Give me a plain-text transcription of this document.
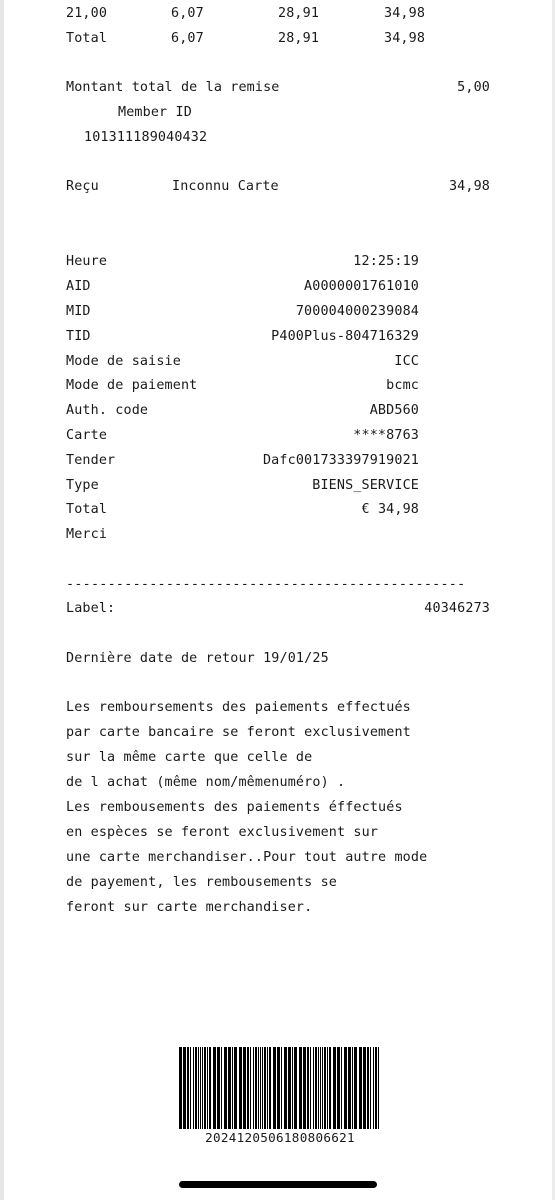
21,00	6,07	28,91	34,98
Total	6,07	28,91	34,98
Montant total de la remise	5,00
Member ID
101311189040432
Reçu	Inconnu Carte	34,98
Heure	12:25:19
AID	A0000001761010
MID	700004000239084
TID	P400Plus-804716329
Mode de saisie	ICC
Mode de paiement	bcmc
Auth. code	ABD560
Carte	****8763
Tender	Dafc001733397919021
Type	BIENS_SERVICE
Total	€ 34,98
Merci
------------------------------------------------
Label:	40346273
Dernière date de retour 19/01/25
Les remboursements des paiements effectués
par carte bancaire se feront exclusivement
sur la même carte que celle de
de l achat (même nom/mêmenuméro) .
Les rembousements des paiements éffectués
en espèces se feront exclusivement sur
une carte merchandiser..Pour tout autre mode
de payement, les rembousements se
feront sur carte merchandiser.
2024120506180806621
